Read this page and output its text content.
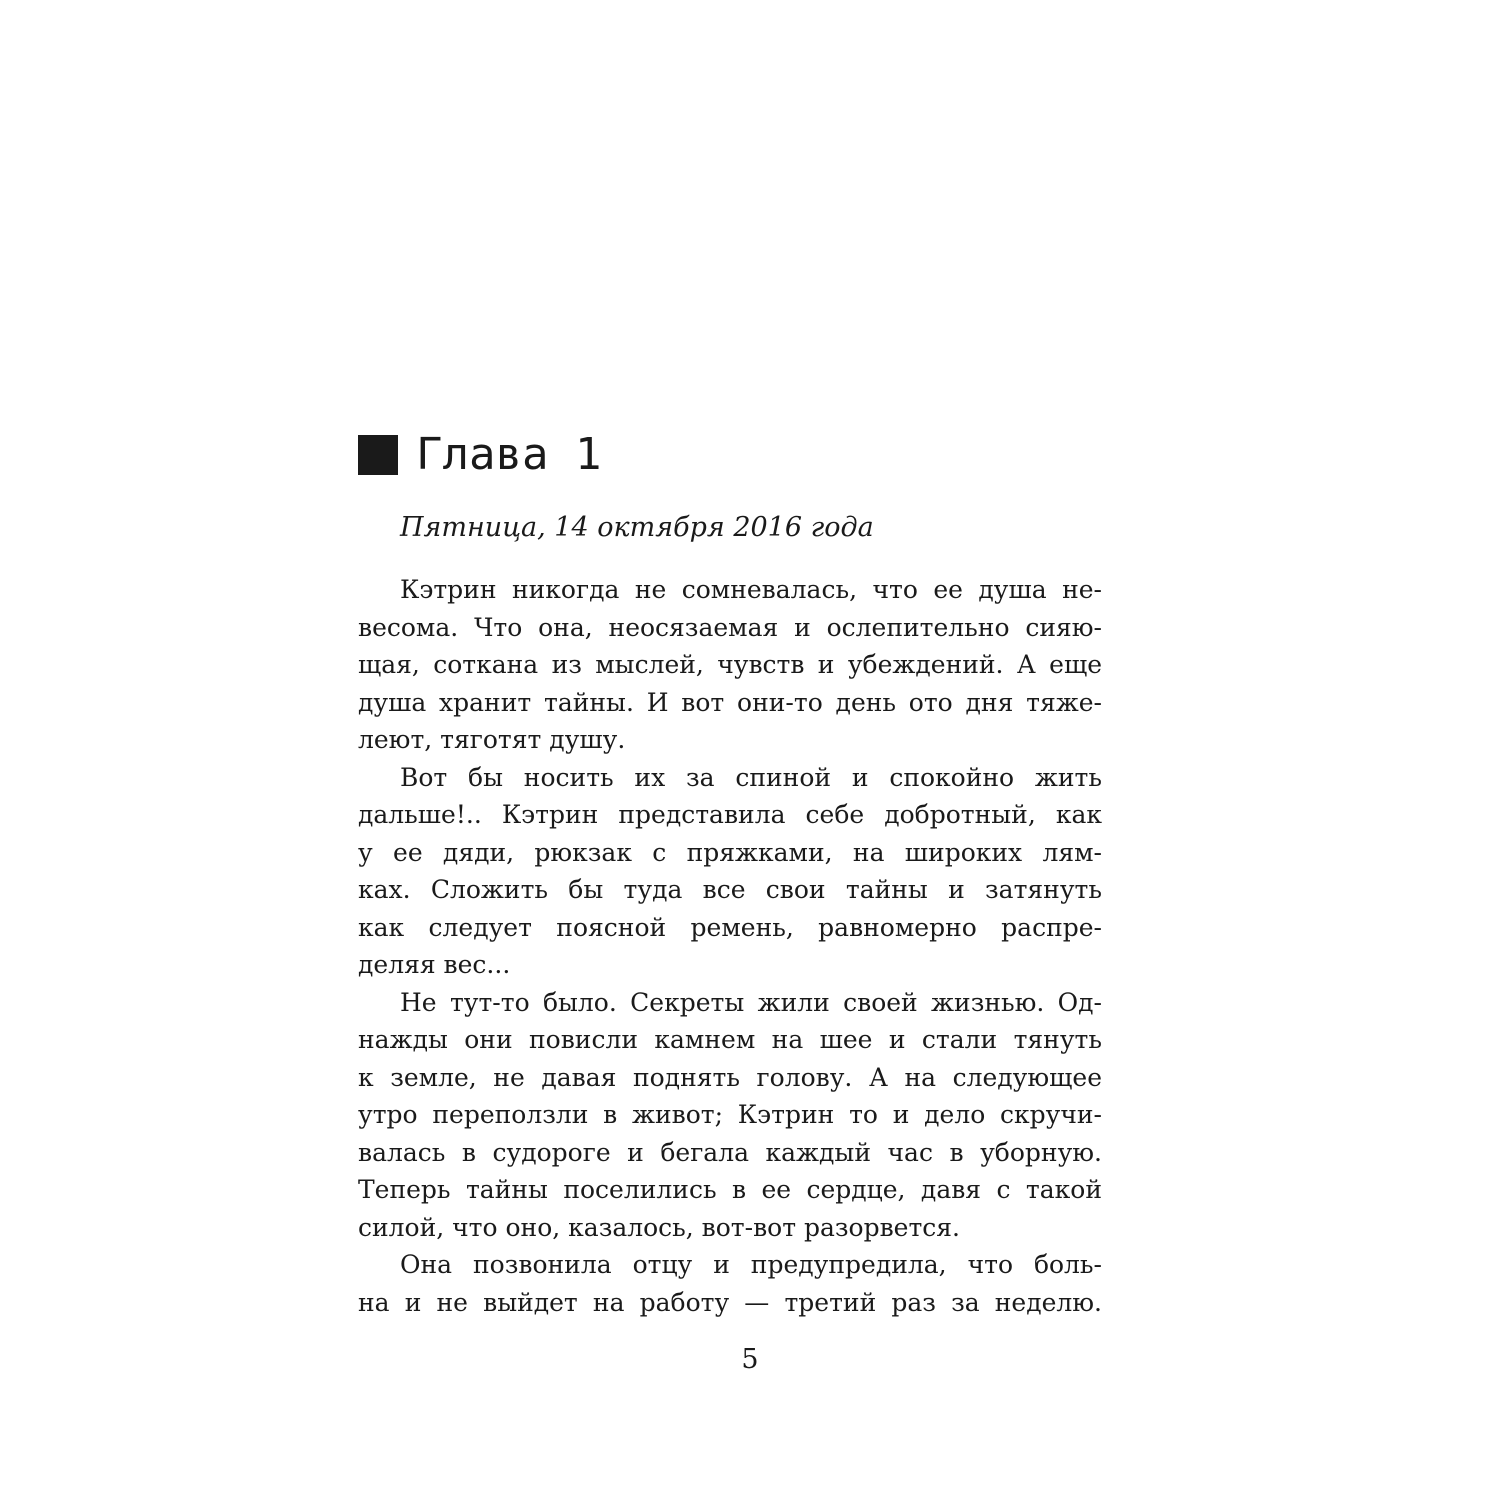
Глава 1
Пятница, 14 октября 2016 года
Кэтрин никогда не сомневалась, что ее душа не-
весома. Что она, неосязаемая и ослепительно сияю-
щая, соткана из мыслей, чувств и убеждений. А еще
душа хранит тайны. И вот они-то день ото дня тяже-
леют, тяготят душу.
Вот бы носить их за спиной и спокойно жить
дальше!.. Кэтрин представила себе добротный, как
у ее дяди, рюкзак с пряжками, на широких лям-
ках. Сложить бы туда все свои тайны и затянуть
как следует поясной ремень, равномерно распре-
деляя вес...
Не тут-то было. Секреты жили своей жизнью. Од-
нажды они повисли камнем на шее и стали тянуть
к земле, не давая поднять голову. А на следующее
утро переползли в живот; Кэтрин то и дело скручи-
валась в судороге и бегала каждый час в уборную.
Теперь тайны поселились в ее сердце, давя с такой
силой, что оно, казалось, вот-вот разорвется.
Она позвонила отцу и предупредила, что боль-
на и не выйдет на работу — третий раз за неделю.
5
